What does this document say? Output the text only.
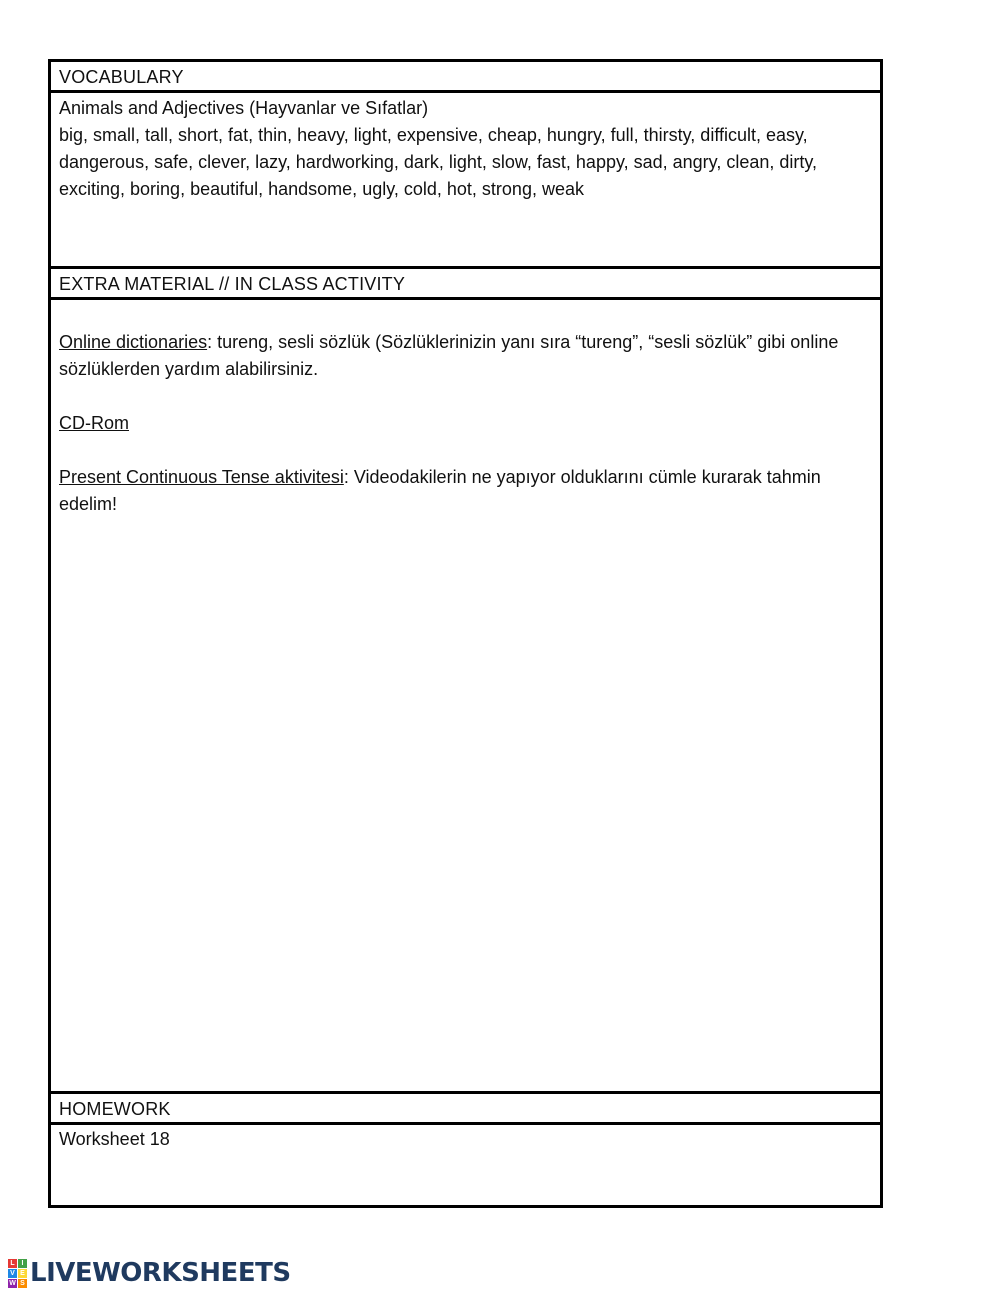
VOCABULARY

Animals and Adjectives (Hayvanlar ve Sıfatlar)

big, small, tall, short, fat, thin, heavy, light, expensive, cheap, hungry, full, thirsty, difficult, easy, dangerous, safe, clever, lazy, hardworking, dark, light, slow, fast, happy, sad, angry, clean, dirty, exciting, boring, beautiful, handsome, ugly, cold, hot, strong, weak

EXTRA MATERIAL // IN CLASS ACTIVITY

Online dictionaries: tureng, sesli sözlük (Sözlüklerinizin yanı sıra “tureng”, “sesli sözlük” gibi online sözlüklerden yardım alabilirsiniz.

CD-Rom

Present Continuous Tense aktivitesi: Videodakilerin ne yapıyor olduklarını cümle kurarak tahmin edelim!

HOMEWORK
Worksheet 18
L I
V E
W S LIVEWORKSHEETS
